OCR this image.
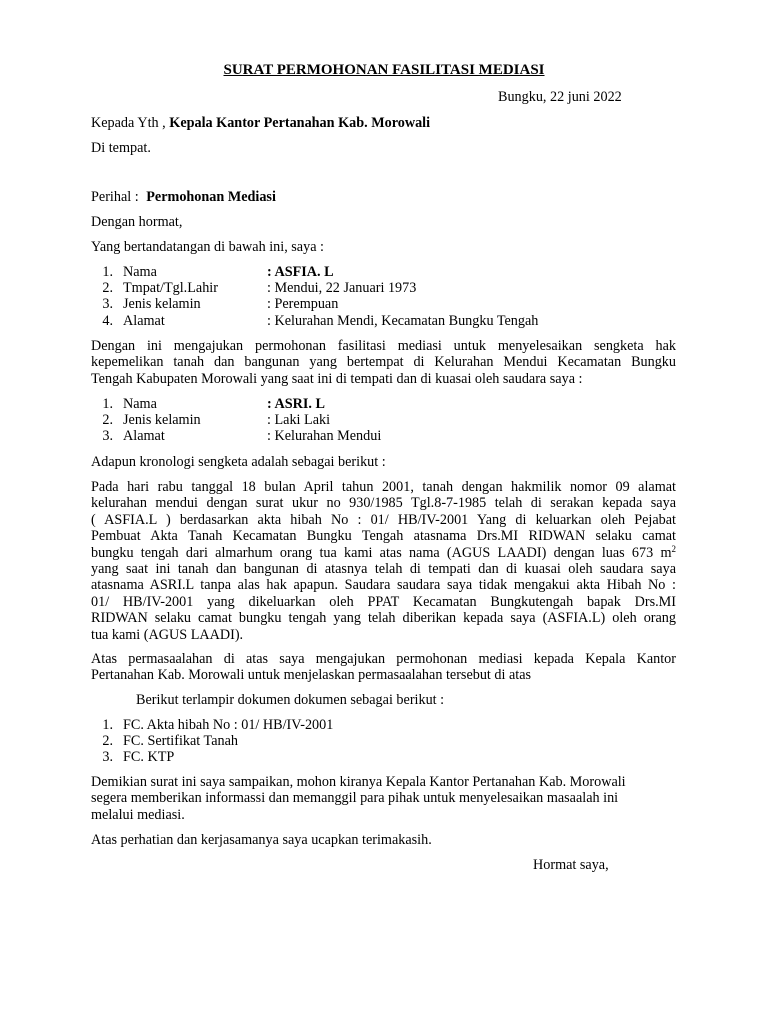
SURAT PERMOHONAN FASILITASI MEDIASI
Bungku, 22 juni 2022
Kepada Yth , Kepala Kantor Pertanahan Kab. Morowali
Di tempat.
Perihal : Permohonan Mediasi
Dengan hormat,
Yang bertandatangan di bawah ini, saya :
1. Nama	: ASFIA. L
2. Tmpat/Tgl.Lahir	: Mendui, 22 Januari 1973
3. Jenis kelamin	: Perempuan
4. Alamat	: Kelurahan Mendi, Kecamatan Bungku Tengah
Dengan ini mengajukan permohonan fasilitasi mediasi untuk menyelesaikan sengketa hak
kepemelikan tanah dan bangunan yang bertempat di Kelurahan Mendui Kecamatan Bungku
Tengah Kabupaten Morowali yang saat ini di tempati dan di kuasai oleh saudara saya :
1. Nama	: ASRI. L
2. Jenis kelamin	: Laki Laki
3. Alamat	: Kelurahan Mendui
Adapun kronologi sengketa adalah sebagai berikut :
Pada hari rabu tanggal 18 bulan April tahun 2001, tanah dengan hakmilik nomor 09 alamat
kelurahan mendui dengan surat ukur no 930/1985 Tgl.8-7-1985 telah di serakan kepada saya
( ASFIA.L ) berdasarkan akta hibah No : 01/ HB/IV-2001 Yang di keluarkan oleh Pejabat
Pembuat Akta Tanah Kecamatan Bungku Tengah atasnama Drs.MI RIDWAN selaku camat
bungku tengah dari almarhum orang tua kami atas nama (AGUS LAADI) dengan luas 673 $m^2$
yang saat ini tanah dan bangunan di atasnya telah di tempati dan di kuasai oleh saudara saya
atasnama ASRI.L tanpa alas hak apapun. Saudara saudara saya tidak mengakui akta Hibah No :
01/ HB/IV-2001 yang dikeluarkan oleh PPAT Kecamatan Bungkutengah bapak Drs.MI
RIDWAN selaku camat bungku tengah yang telah diberikan kepada saya (ASFIA.L) oleh orang
tua kami (AGUS LAADI).
Atas permasaalahan di atas saya mengajukan permohonan mediasi kepada Kepala Kantor
Pertanahan Kab. Morowali untuk menjelaskan permasaalahan tersebut di atas
Berikut terlampir dokumen dokumen sebagai berikut :
1. FC. Akta hibah No : 01/ HB/IV-2001
2. FC. Sertifikat Tanah
3. FC. KTP
Demikian surat ini saya sampaikan, mohon kiranya Kepala Kantor Pertanahan Kab. Morowali
segera memberikan informassi dan memanggil para pihak untuk menyelesaikan masaalah ini
melalui mediasi.
Atas perhatian dan kerjasamanya saya ucapkan terimakasih.
Hormat saya,
